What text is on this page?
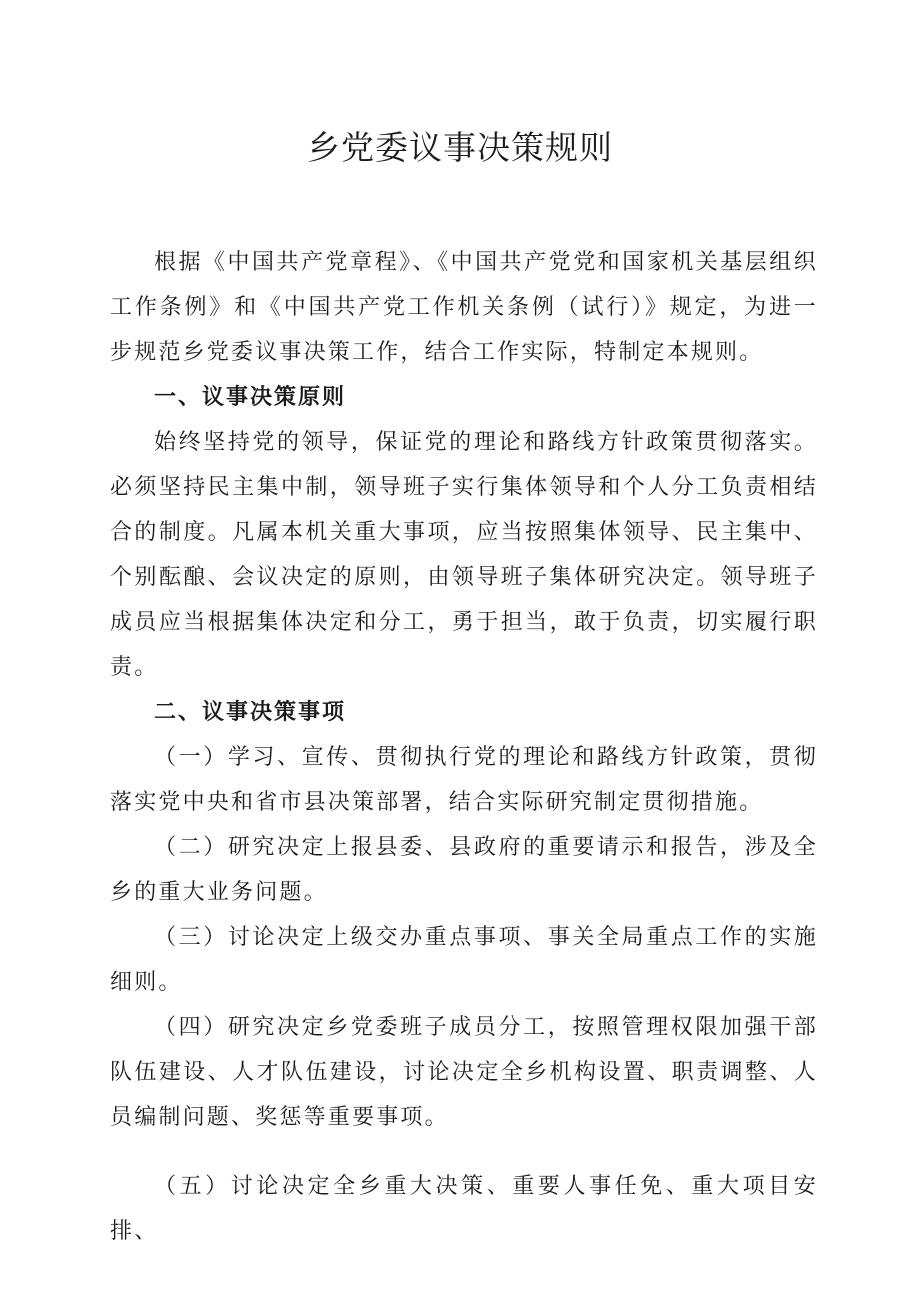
乡党委议事决策规则

根据《中国共产党章程》、《中国共产党党和国家机关基层组织工作条例》和《中国共产党工作机关条例（试行）》规定，为进一步规范乡党委议事决策工作，结合工作实际，特制定本规则。

一、议事决策原则

始终坚持党的领导，保证党的理论和路线方针政策贯彻落实。必须坚持民主集中制，领导班子实行集体领导和个人分工负责相结合的制度。凡属本机关重大事项，应当按照集体领导、民主集中、个别酝酿、会议决定的原则，由领导班子集体研究决定。领导班子成员应当根据集体决定和分工，勇于担当，敢于负责，切实履行职责。

二、议事决策事项

（一）学习、宣传、贯彻执行党的理论和路线方针政策，贯彻落实党中央和省市县决策部署，结合实际研究制定贯彻措施。

（二）研究决定上报县委、县政府的重要请示和报告，涉及全乡的重大业务问题。

（三）讨论决定上级交办重点事项、事关全局重点工作的实施细则。

（四）研究决定乡党委班子成员分工，按照管理权限加强干部队伍建设、人才队伍建设，讨论决定全乡机构设置、职责调整、人员编制问题、奖惩等重要事项。

（五）讨论决定全乡重大决策、重要人事任免、重大项目安排、
